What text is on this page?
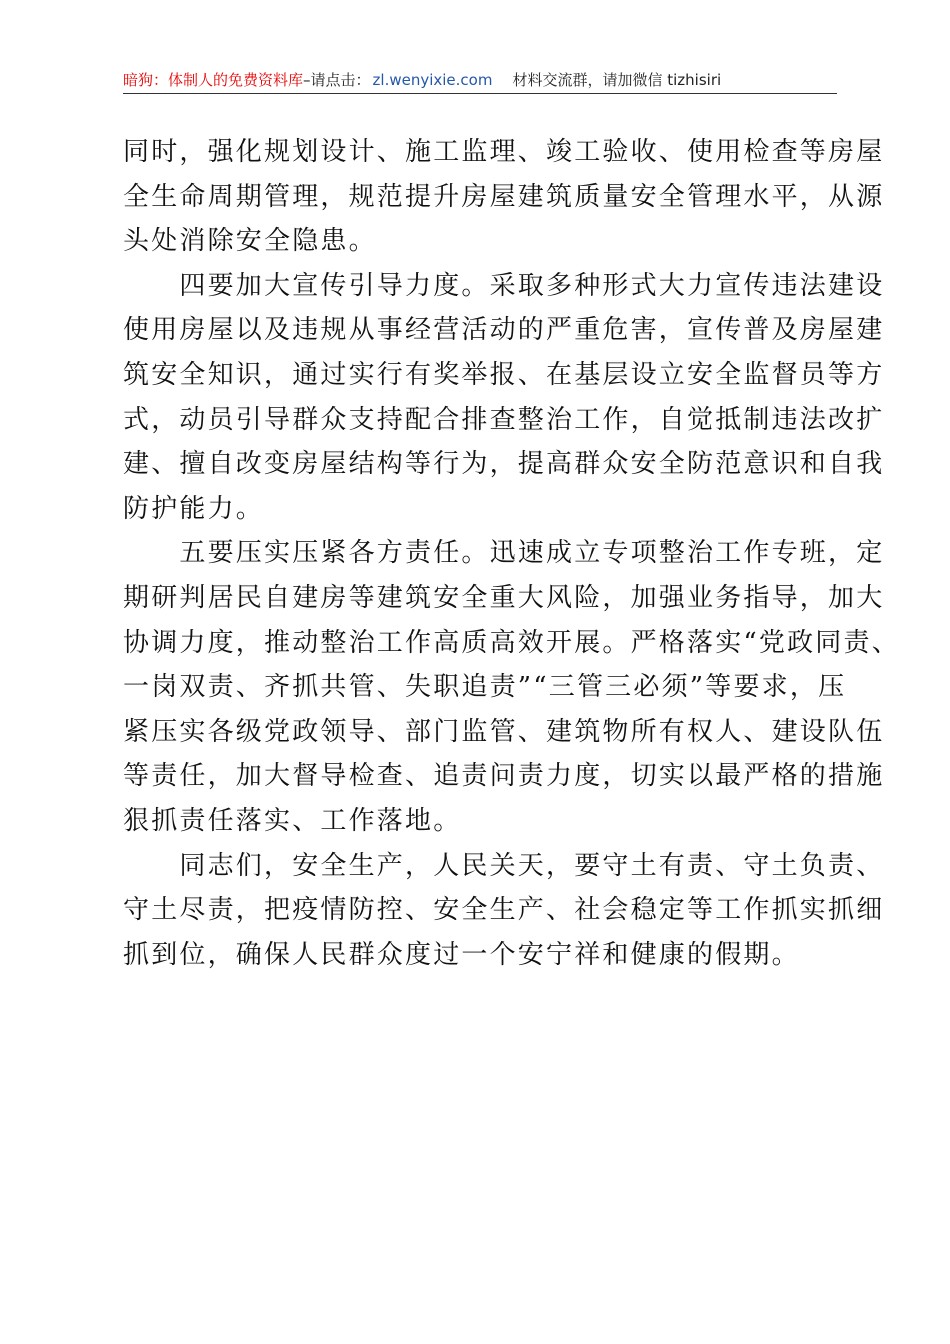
暗狗：体制人的免费资料库–请点击： zl.wenyixie.com 材料交流群，请加微信 tizhisiri
同时，强化规划设计、施工监理、竣工验收、使用检查等房屋
全生命周期管理，规范提升房屋建筑质量安全管理水平，从源
头处消除安全隐患。
　　四要加大宣传引导力度。采取多种形式大力宣传违法建设
使用房屋以及违规从事经营活动的严重危害，宣传普及房屋建
筑安全知识，通过实行有奖举报、在基层设立安全监督员等方
式，动员引导群众支持配合排查整治工作，自觉抵制违法改扩
建、擅自改变房屋结构等行为，提高群众安全防范意识和自我
防护能力。
　　五要压实压紧各方责任。迅速成立专项整治工作专班，定
期研判居民自建房等建筑安全重大风险，加强业务指导，加大
协调力度，推动整治工作高质高效开展。严格落实“党政同责、
一岗双责、齐抓共管、失职追责”“三管三必须”等要求，压
紧压实各级党政领导、部门监管、建筑物所有权人、建设队伍
等责任，加大督导检查、追责问责力度，切实以最严格的措施
狠抓责任落实、工作落地。
　　同志们，安全生产，人民关天，要守土有责、守土负责、
守土尽责，把疫情防控、安全生产、社会稳定等工作抓实抓细
抓到位，确保人民群众度过一个安宁祥和健康的假期。
